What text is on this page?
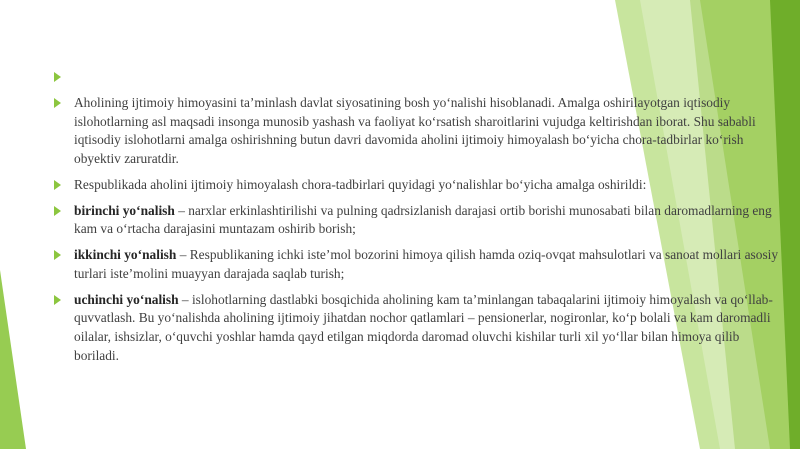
Aholining ijtimoiy himoyasini ta’minlash davlat siyosatining bosh yo‘nalishi hisoblanadi. Amalga oshirilayotgan iqtisodiy islohotlarning asl maqsadi insonga munosib yashash va faoliyat ko‘rsatish sharoitlarini vujudga keltirishdan iborat. Shu sababli iqtisodiy islohotlarni amalga oshirishning butun davri davomida aholini ijtimoiy himoyalash bo‘yicha chora-tadbirlar ko‘rish obyektiv zaruratdir.
Respublikada aholini ijtimoiy himoyalash chora-tadbirlari quyidagi yo‘nalishlar bo‘yicha amalga oshirildi:
birinchi yo‘nalish – narxlar erkinlashtirilishi va pulning qadrsizlanish darajasi ortib borishi munosabati bilan daromadlarning eng kam va o‘rtacha darajasini muntazam oshirib borish;
ikkinchi yo‘nalish – Respublikaning ichki iste’mol bozorini himoya qilish hamda oziq-ovqat mahsulotlari va sanoat mollari asosiy turlari iste’molini muayyan darajada saqlab turish;
uchinchi yo‘nalish – islohotlarning dastlabki bosqichida aholining kam ta’minlangan tabaqalarini ijtimoiy himoyalash va qo‘llab-quvvatlash. Bu yo‘nalishda aholining ijtimoiy jihatdan nochor qatlamlari – pensionerlar, nogironlar, ko‘p bolali va kam daromadli oilalar, ishsizlar, o‘quvchi yoshlar hamda qayd etilgan miqdorda daromad oluvchi kishilar turli xil yo‘llar bilan himoya qilib boriladi.
